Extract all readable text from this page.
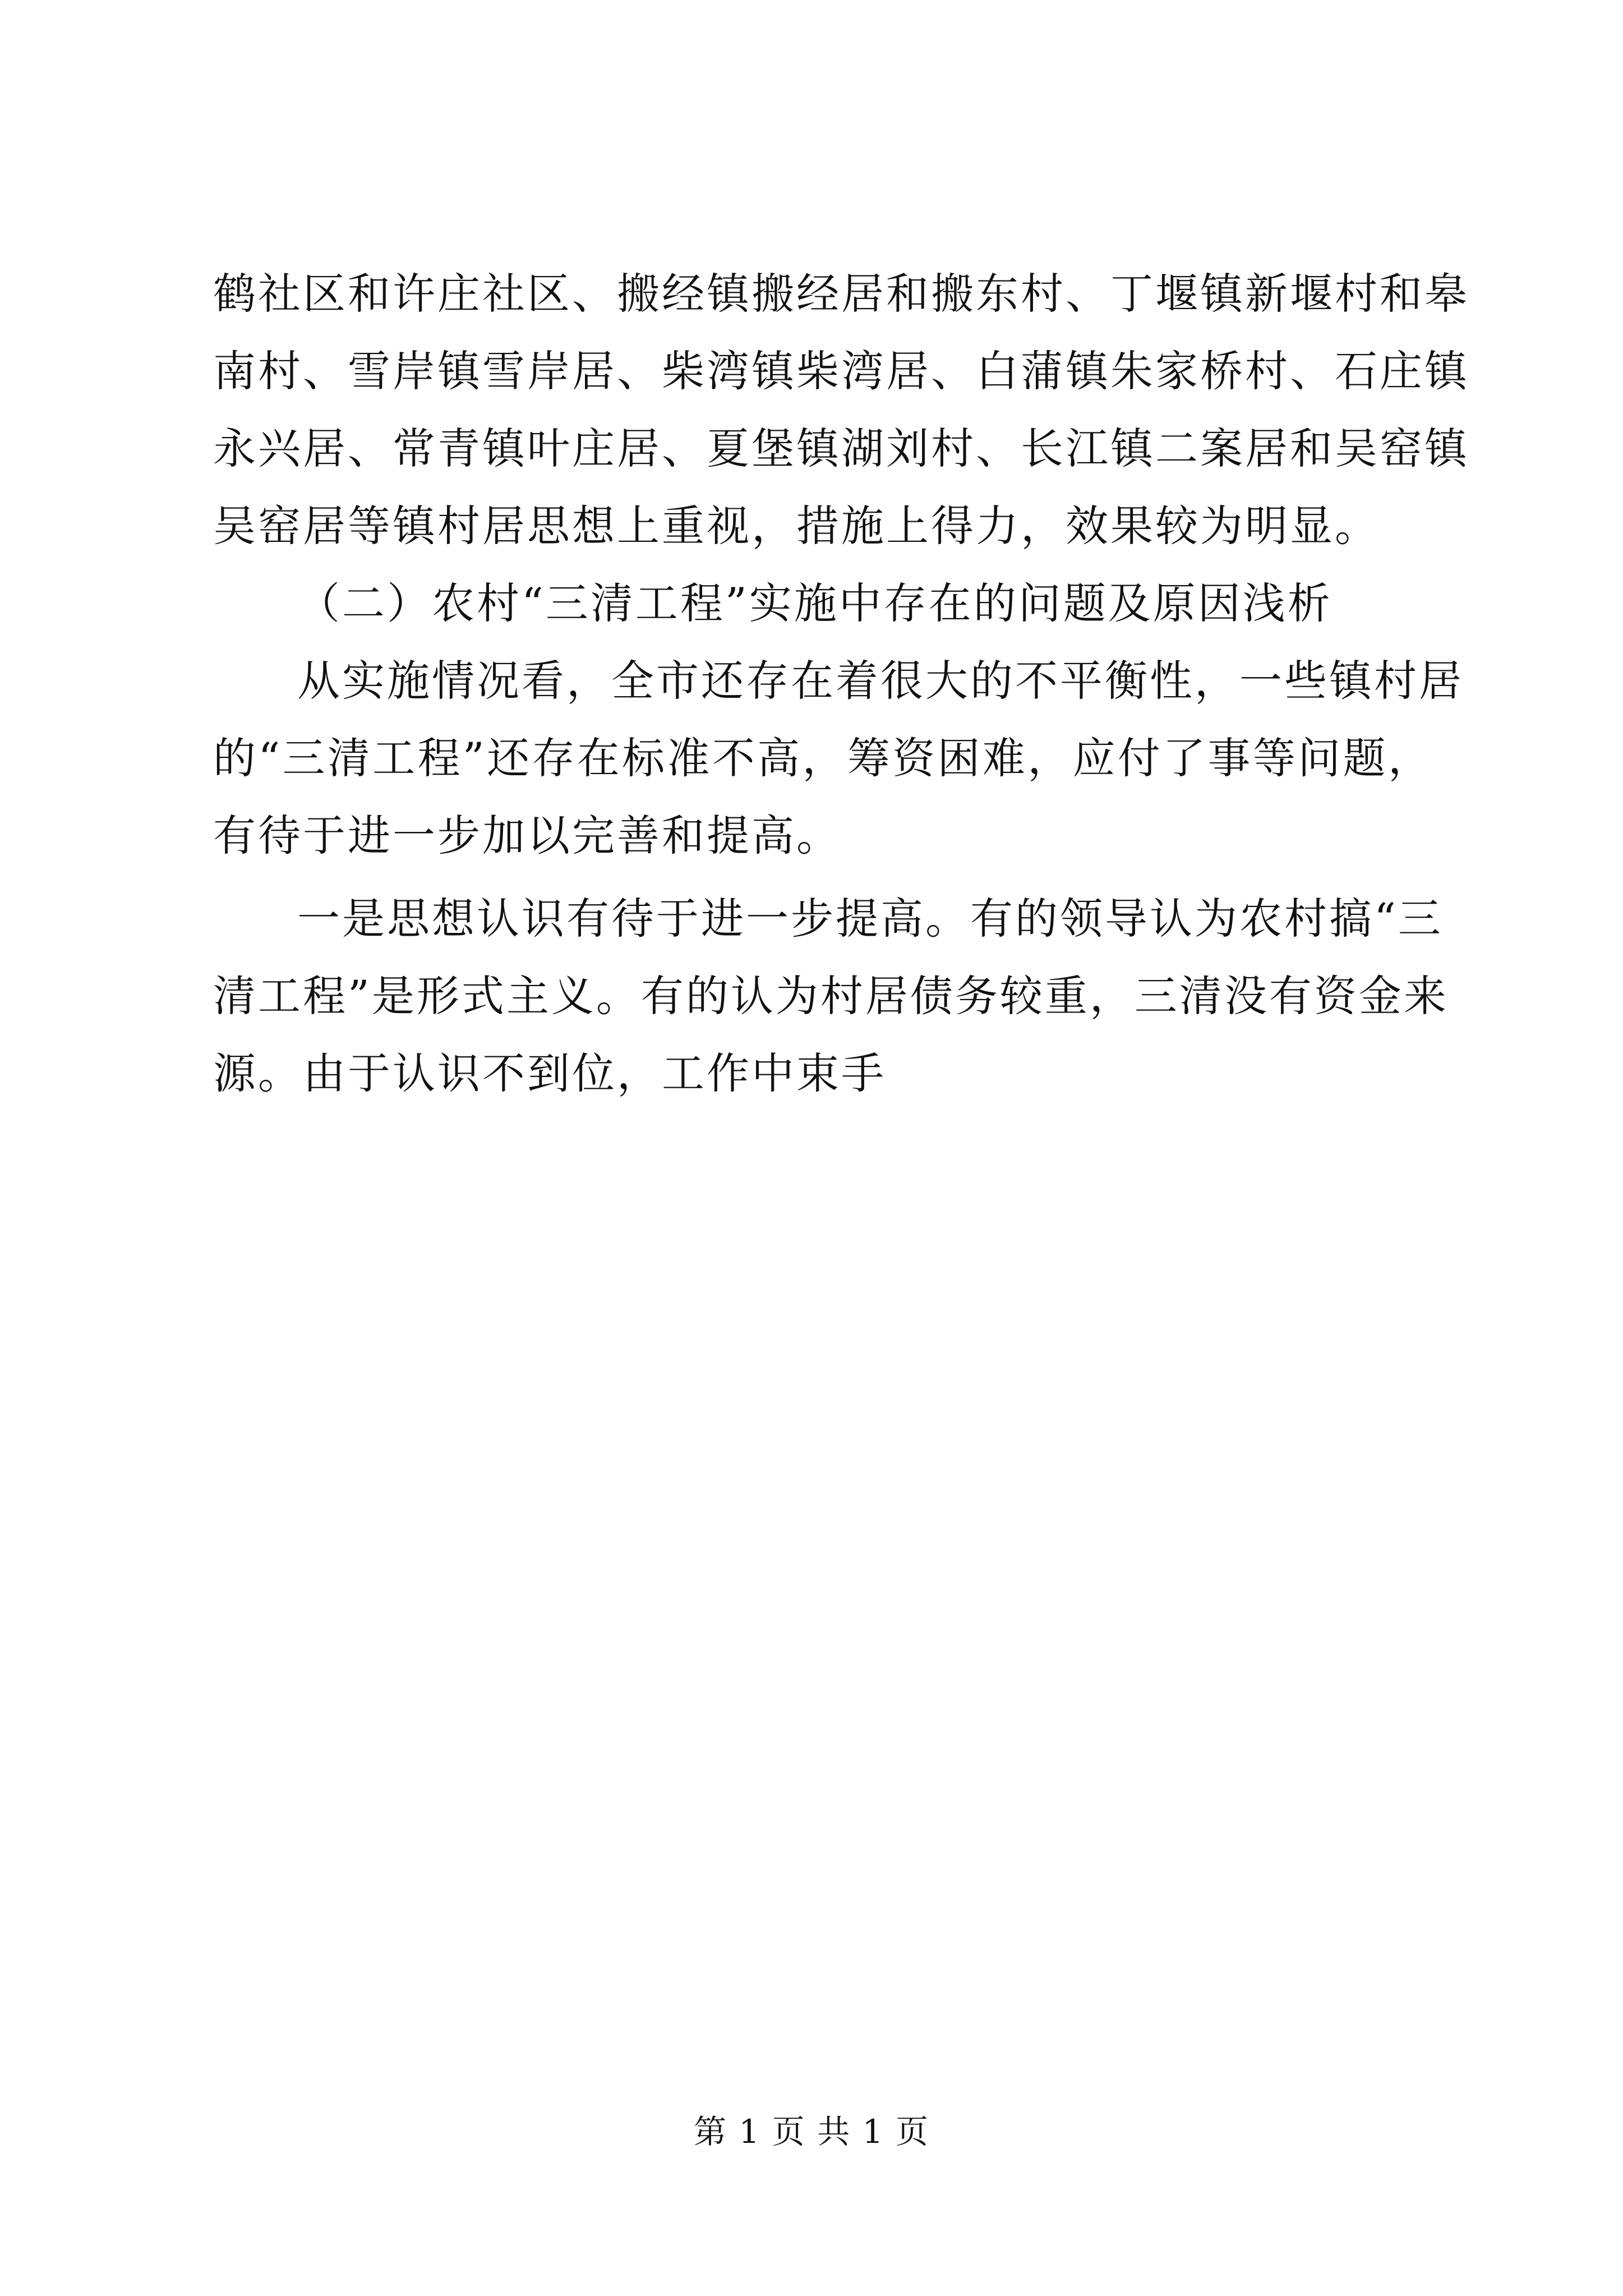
鹤社区和许庄社区、搬经镇搬经居和搬东村、丁堰镇新堰村和皋
南村、雪岸镇雪岸居、柴湾镇柴湾居、白蒲镇朱家桥村、石庄镇
永兴居、常青镇叶庄居、夏堡镇湖刘村、长江镇二案居和吴窑镇
吴窑居等镇村居思想上重视，措施上得力，效果较为明显。
（二）农村“三清工程”实施中存在的问题及原因浅析
从实施情况看，全市还存在着很大的不平衡性，一些镇村居
的“三清工程”还存在标准不高，筹资困难，应付了事等问题，
有待于进一步加以完善和提高。
一是思想认识有待于进一步提高。有的领导认为农村搞“三
清工程”是形式主义。有的认为村居债务较重，三清没有资金来
源。由于认识不到位，工作中束手
第 1 页 共 1 页
